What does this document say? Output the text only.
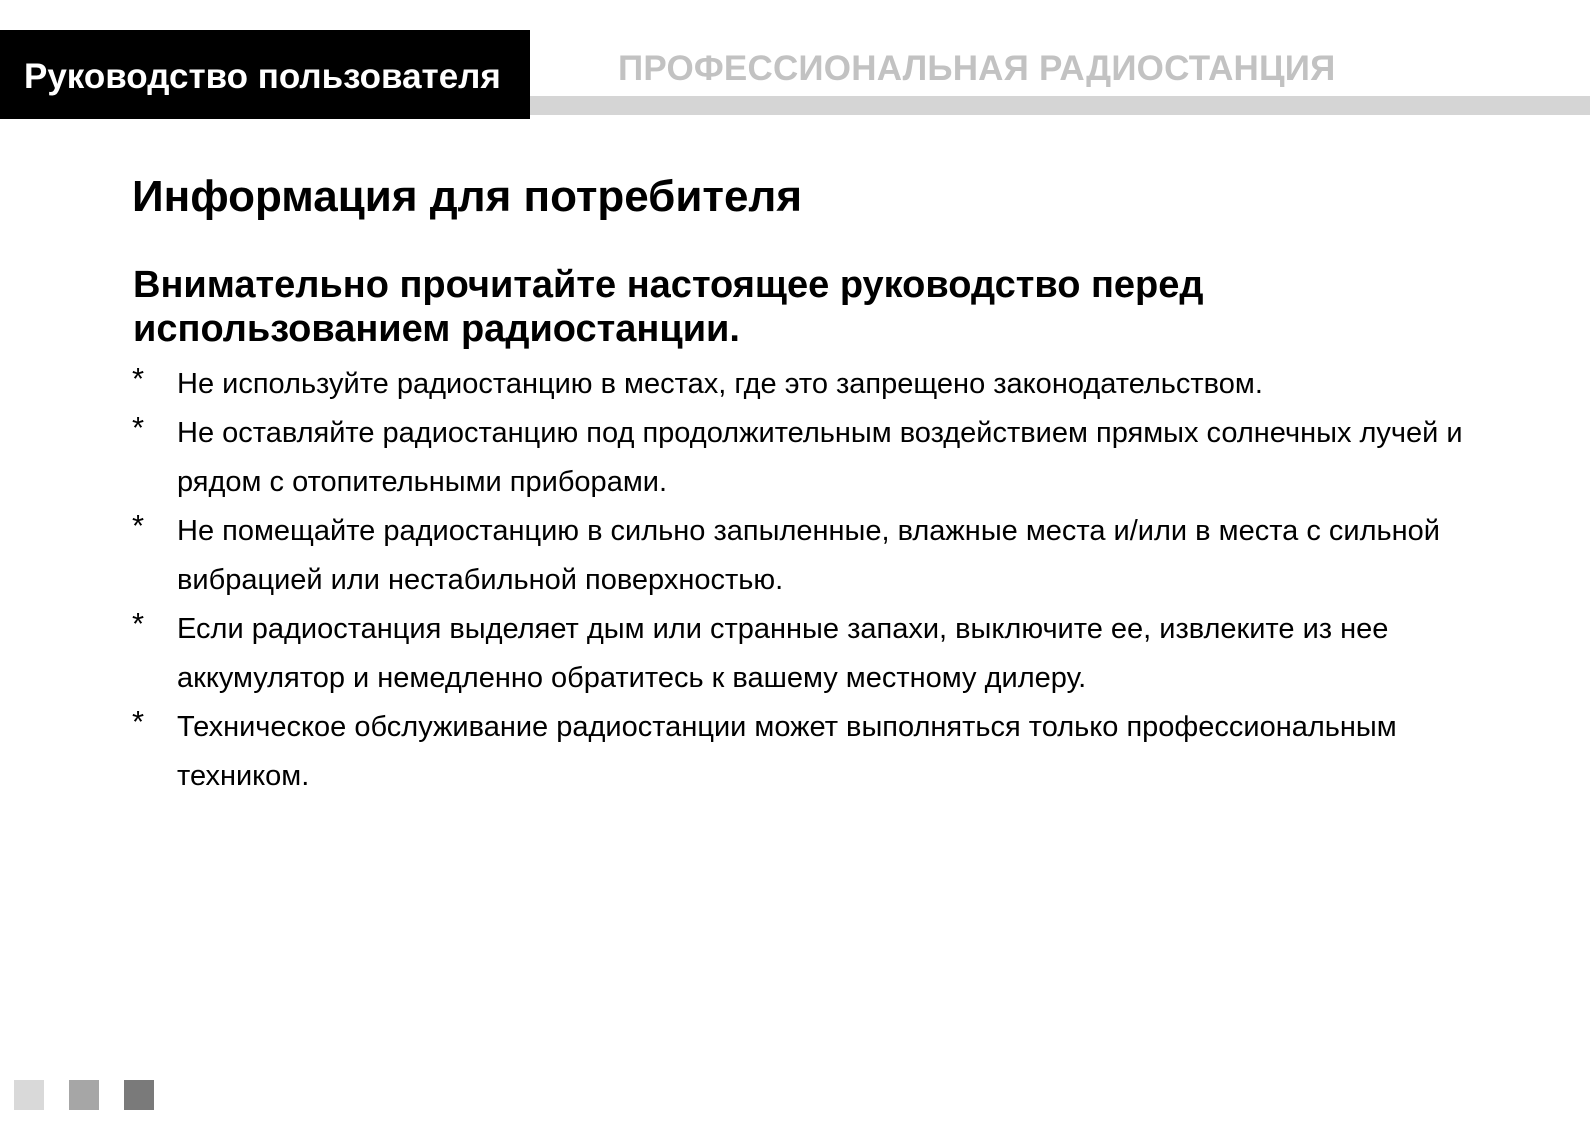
Руководство пользователя	ПРОФЕССИОНАЛЬНАЯ РАДИОСТАНЦИЯ
Информация для потребителя
Внимательно прочитайте настоящее руководство перед использованием радиостанции.
* Не используйте радиостанцию в местах, где это запрещено законодательством.
* Не оставляйте радиостанцию под продолжительным воздействием прямых солнечных лучей и рядом с отопительными приборами.
* Не помещайте радиостанцию в сильно запыленные, влажные места и/или в места с сильной вибрацией или нестабильной поверхностью.
* Если радиостанция выделяет дым или странные запахи, выключите ее, извлеките из нее аккумулятор и немедленно обратитесь к вашему местному дилеру.
* Техническое обслуживание радиостанции может выполняться только профессиональным техником.
